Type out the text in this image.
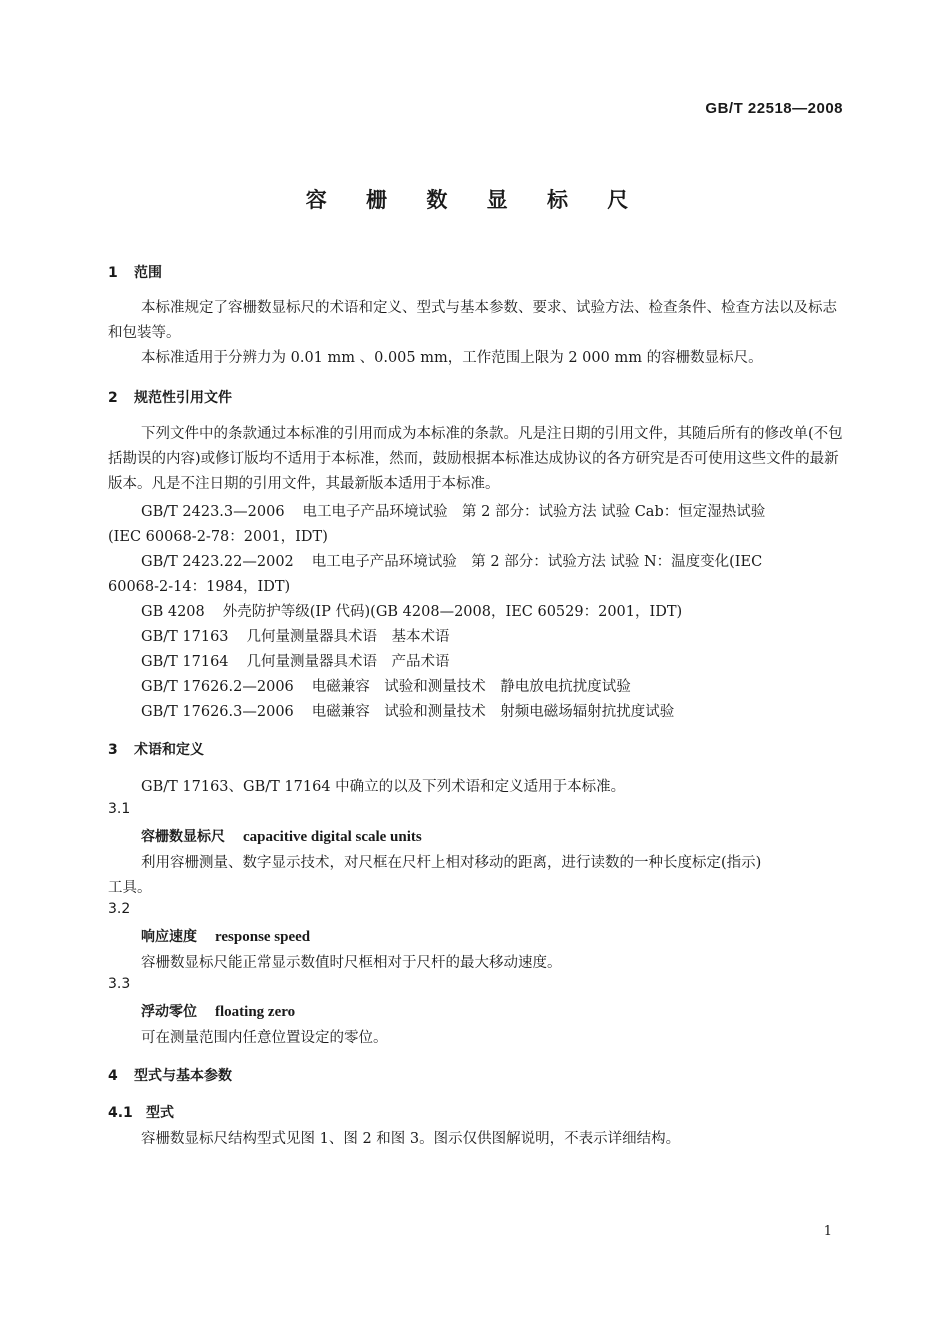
GB/T 22518—2008
容 栅 数 显 标 尺
1 范围
本标准规定了容栅数显标尺的术语和定义、型式与基本参数、要求、试验方法、检查条件、检查方法以及标志和包装等。
本标准适用于分辨力为 0.01 mm 、0.005 mm，工作范围上限为 2 000 mm 的容栅数显标尺。
2 规范性引用文件
下列文件中的条款通过本标准的引用而成为本标准的条款。凡是注日期的引用文件，其随后所有的修改单(不包括勘误的内容)或修订版均不适用于本标准，然而，鼓励根据本标准达成协议的各方研究是否可使用这些文件的最新版本。凡是不注日期的引用文件，其最新版本适用于本标准。
GB/T 2423.3—2006 电工电子产品环境试验　第 2 部分：试验方法 试验 Cab：恒定湿热试验
(IEC 60068-2-78：2001，IDT)
GB/T 2423.22—2002 电工电子产品环境试验　第 2 部分：试验方法 试验 N：温度变化(IEC
60068-2-14：1984，IDT)
GB 4208 外壳防护等级(IP 代码)(GB 4208—2008，IEC 60529：2001，IDT)
GB/T 17163 几何量测量器具术语　基本术语
GB/T 17164 几何量测量器具术语　产品术语
GB/T 17626.2—2006 电磁兼容　试验和测量技术　静电放电抗扰度试验
GB/T 17626.3—2006 电磁兼容　试验和测量技术　射频电磁场辐射抗扰度试验
3 术语和定义
GB/T 17163、GB/T 17164 中确立的以及下列术语和定义适用于本标准。
3.1
容栅数显标尺 capacitive digital scale units
利用容栅测量、数字显示技术，对尺框在尺杆上相对移动的距离，进行读数的一种长度标定(指示)
工具。
3.2
响应速度 response speed
容栅数显标尺能正常显示数值时尺框相对于尺杆的最大移动速度。
3.3
浮动零位 floating zero
可在测量范围内任意位置设定的零位。
4 型式与基本参数
4.1 型式
容栅数显标尺结构型式见图 1、图 2 和图 3。图示仅供图解说明，不表示详细结构。
1
